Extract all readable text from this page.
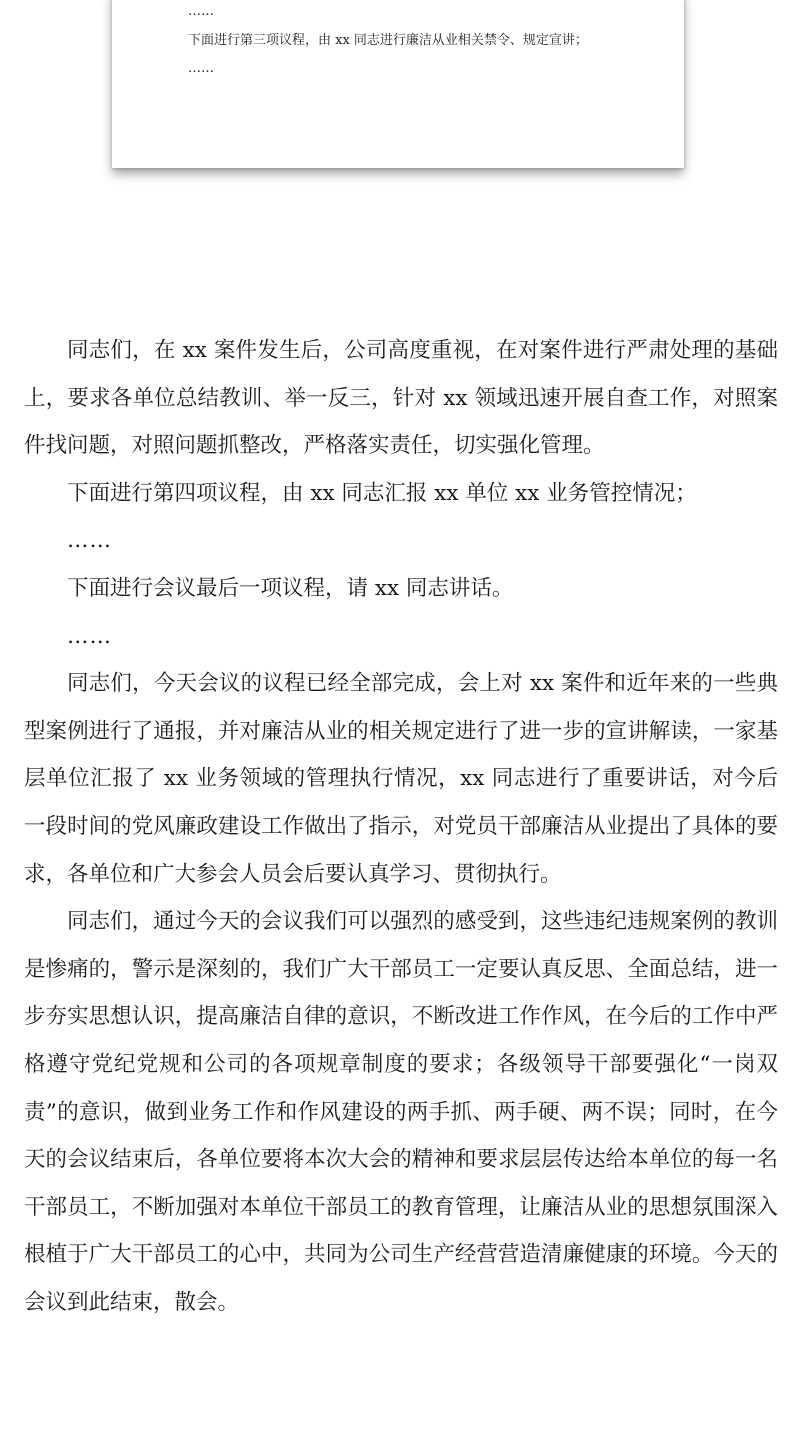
……
下面进行第三项议程，由 xx 同志进行廉洁从业相关禁令、规定宣讲；
……

同志们，在 xx 案件发生后，公司高度重视，在对案件进行严肃处理的基础上，要求各单位总结教训、举一反三，针对 xx 领域迅速开展自查工作，对照案件找问题，对照问题抓整改，严格落实责任，切实强化管理。

下面进行第四项议程，由 xx 同志汇报 xx 单位 xx 业务管控情况；

……

下面进行会议最后一项议程，请 xx 同志讲话。

……

同志们，今天会议的议程已经全部完成，会上对 xx 案件和近年来的一些典型案例进行了通报，并对廉洁从业的相关规定进行了进一步的宣讲解读，一家基层单位汇报了 xx 业务领域的管理执行情况，xx 同志进行了重要讲话，对今后一段时间的党风廉政建设工作做出了指示，对党员干部廉洁从业提出了具体的要求，各单位和广大参会人员会后要认真学习、贯彻执行。

同志们，通过今天的会议我们可以强烈的感受到，这些违纪违规案例的教训是惨痛的，警示是深刻的，我们广大干部员工一定要认真反思、全面总结，进一步夯实思想认识，提高廉洁自律的意识，不断改进工作作风，在今后的工作中严格遵守党纪党规和公司的各项规章制度的要求；各级领导干部要强化“一岗双责”的意识，做到业务工作和作风建设的两手抓、两手硬、两不误；同时，在今天的会议结束后，各单位要将本次大会的精神和要求层层传达给本单位的每一名干部员工，不断加强对本单位干部员工的教育管理，让廉洁从业的思想氛围深入根植于广大干部员工的心中，共同为公司生产经营营造清廉健康的环境。今天的会议到此结束，散会。
